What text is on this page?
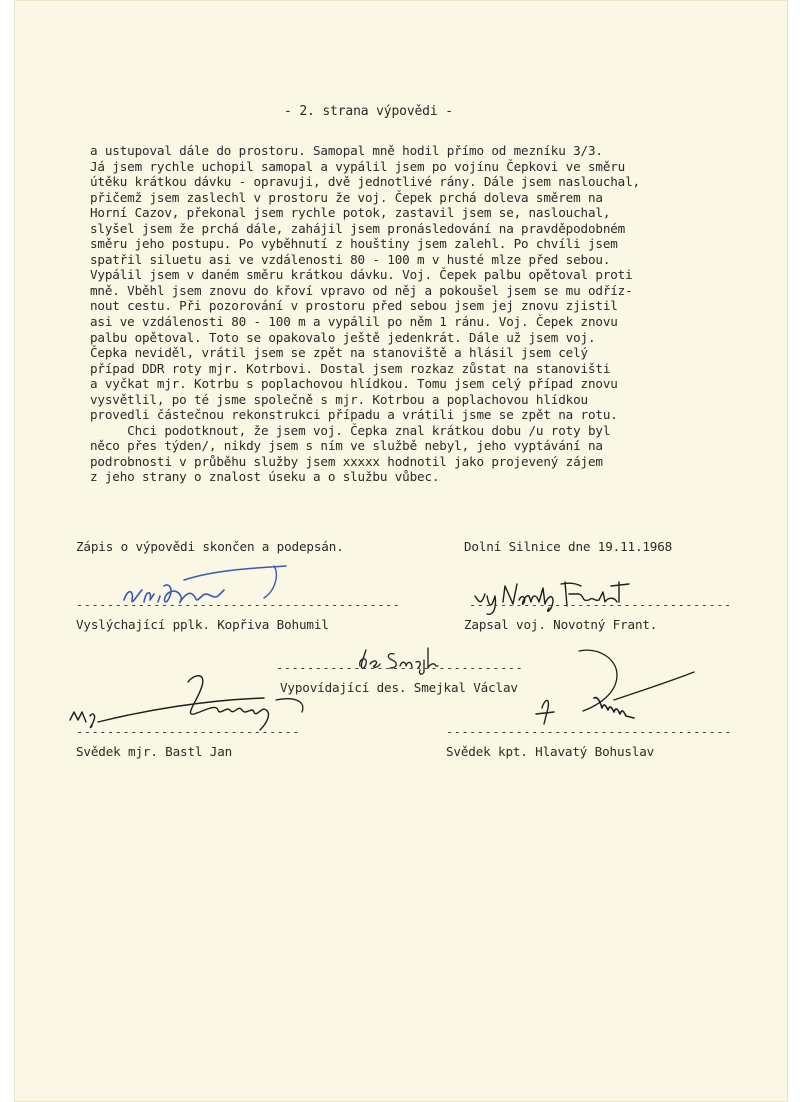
- 2. strana výpovědi -
a ustupoval dále do prostoru. Samopal mně hodil přímo od mezníku 3/3.
Já jsem rychle uchopil samopal a vypálil jsem po vojínu Čepkovi ve směru
útěku krátkou dávku - opravuji, dvě jednotlivé rány. Dále jsem naslouchal,
přičemž jsem zaslechl v prostoru že voj. Čepek prchá doleva směrem na
Horní Cazov, překonal jsem rychle potok, zastavil jsem se, naslouchal,
slyšel jsem že prchá dále, zahájil jsem pronásledování na pravděpodobném
směru jeho postupu. Po vyběhnutí z houštiny jsem zalehl. Po chvíli jsem
spatřil siluetu asi ve vzdálenosti 80 - 100 m v husté mlze před sebou.
Vypálil jsem v daném směru krátkou dávku. Voj. Čepek palbu opětoval proti
mně. Vběhl jsem znovu do křoví vpravo od něj a pokoušel jsem se mu odříz-
nout cestu. Při pozorování v prostoru před sebou jsem jej znovu zjistil
asi ve vzdálenosti 80 - 100 m a vypálil po něm 1 ránu. Voj. Čepek znovu
palbu opětoval. Toto se opakovalo ještě jedenkrát. Dále už jsem voj.
Čepka neviděl, vrátil jsem se zpět na stanoviště a hlásil jsem celý
případ DDR roty mjr. Kotrbovi. Dostal jsem rozkaz zůstat na stanovišti
a vyčkat mjr. Kotrbu s poplachovou hlídkou. Tomu jsem celý případ znovu
vysvětlil, po té jsme společně s mjr. Kotrbou a poplachovou hlídkou
provedli částečnou rekonstrukci případu a vrátili jsme se zpět na rotu.
Chci podotknout, že jsem voj. Čepka znal krátkou dobu /u roty byl
něco přes týden/, nikdy jsem s ním ve službě nebyl, jeho vyptávání na
podrobnosti v průběhu služby jsem xxxxx hodnotil jako projevený zájem
z jeho strany o znalost úseku a o službu vůbec.
Zápis o výpovědi skončen a podepsán.	Dolní Silnice dne 19.11.1968
------------------------------------------
Vyslýchající pplk. Kopřiva Bohumil
----------------------------------
Zapsal voj. Novotný Frant.
--------------------------------
Vypovídající des. Smejkal Václav
-----------------------------
Svědek mjr. Bastl Jan
-------------------------------------
Svědek kpt. Hlavatý Bohuslav
